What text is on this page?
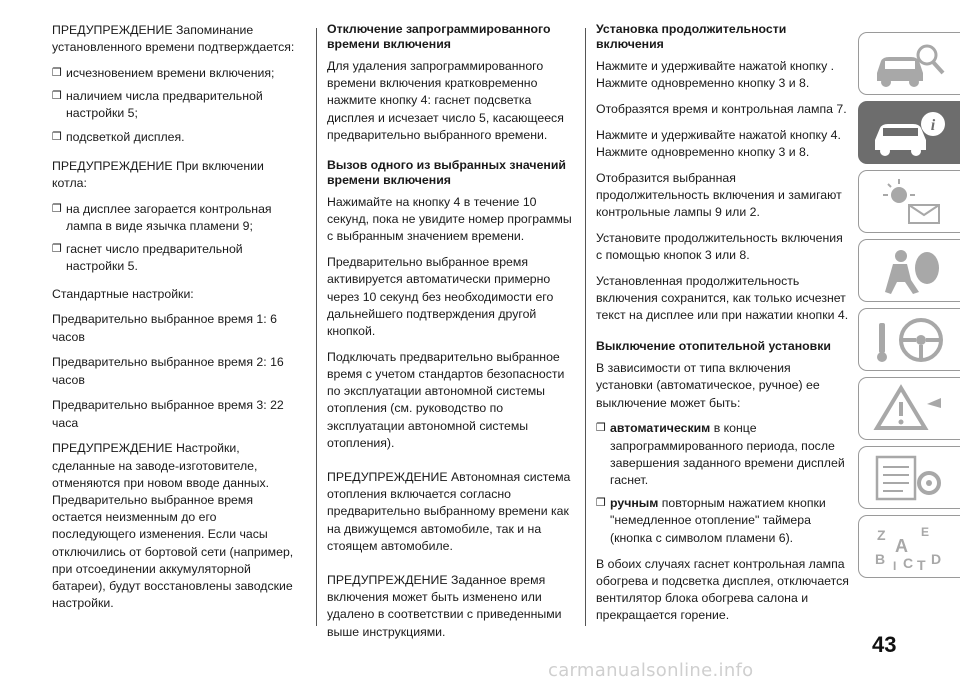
ПРЕДУПРЕЖДЕНИЕ Запоминание установленного времени подтверждается:

❒ исчезновением времени включения;
❒ наличием числа предварительной настройки 5;
❒ подсветкой дисплея.

ПРЕДУПРЕЖДЕНИЕ При включении котла:

❒ на дисплее загорается контрольная лампа в виде язычка пламени 9;
❒ гаснет число предварительной настройки 5.

Стандартные настройки:

Предварительно выбранное время 1: 6 часов

Предварительно выбранное время 2: 16 часов

Предварительно выбранное время 3: 22 часа

ПРЕДУПРЕЖДЕНИЕ Настройки, сделанные на заводе-изготовителе, отменяются при новом вводе данных. Предварительно выбранное время остается неизменным до его последующего изменения. Если часы отключились от бортовой сети (например, при отсоединении аккумуляторной батареи), будут восстановлены заводские настройки.

Отключение запрограммированного времени включения

Для удаления запрограммированного времени включения кратковременно нажмите кнопку 4: гаснет подсветка дисплея и исчезает число 5, касающееся предварительно выбранного времени.

Вызов одного из выбранных значений времени включения

Нажимайте на кнопку 4 в течение 10 секунд, пока не увидите номер программы с выбранным значением времени.

Предварительно выбранное время активируется автоматически примерно через 10 секунд без необходимости его дальнейшего подтверждения другой кнопкой.

Подключать предварительно выбранное время с учетом стандартов безопасности по эксплуатации автономной системы отопления (см. руководство по эксплуатации автономной системы отопления).

ПРЕДУПРЕЖДЕНИЕ Автономная система отопления включается согласно предварительно выбранному времени как на движущемся автомобиле, так и на стоящем автомобиле.

ПРЕДУПРЕЖДЕНИЕ Заданное время включения может быть изменено или удалено в соответствии с приведенными выше инструкциями.

Установка продолжительности включения

Нажмите и удерживайте нажатой кнопку . Нажмите одновременно кнопку 3 и 8.

Отобразятся время и контрольная лампа 7.

Нажмите и удерживайте нажатой кнопку 4. Нажмите одновременно кнопку 3 и 8.

Отобразится выбранная продолжительность включения и замигают контрольные лампы 9 или 2.

Установите продолжительность включения с помощью кнопок 3 или 8.

Установленная продолжительность включения сохранится, как только исчезнет текст на дисплее или при нажатии кнопки 4.

Выключение отопительной установки

В зависимости от типа включения установки (автоматическое, ручное) ее выключение может быть:

❒ автоматическим в конце запрограммированного периода, после завершения заданного времени дисплей гаснет.
❒ ручным повторным нажатием кнопки "немедленное отопление" таймера (кнопка с символом пламени 6).

В обоих случаях гаснет контрольная лампа обогрева и подсветка дисплея, отключается вентилятор блока обогрева салона и прекращается горение.

i
Z	E
A
B I C T D
43
carmanualsonline.info
